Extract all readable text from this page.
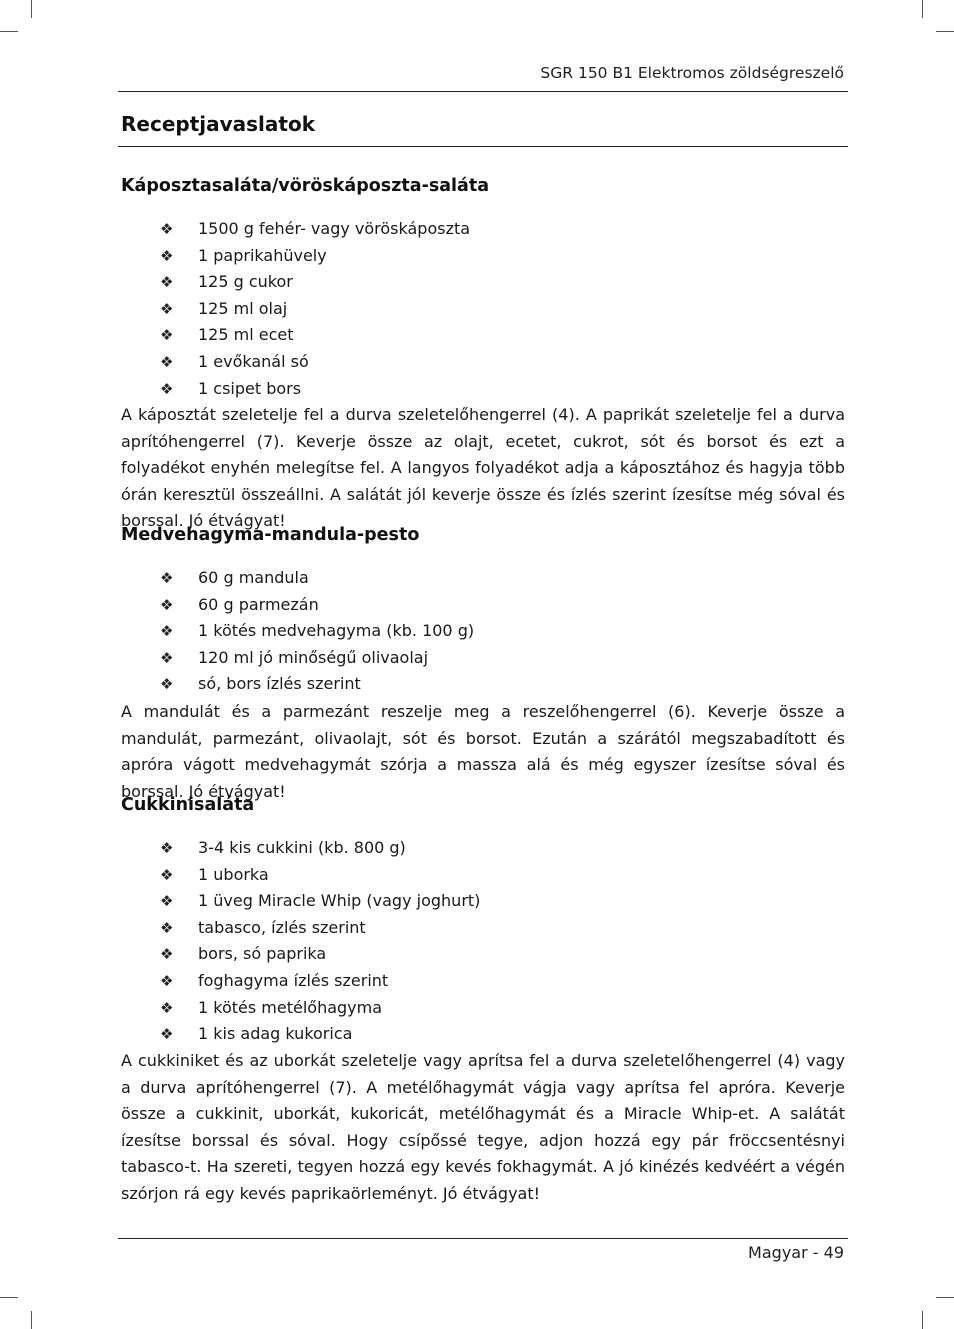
SGR 150 B1 Elektromos zöldségreszelő
Receptjavaslatok
Káposztasaláta/vöröskáposzta-saláta
❖	1500 g fehér- vagy vöröskáposzta
❖	1 paprikahüvely
❖	125 g cukor
❖	125 ml olaj
❖	125 ml ecet
❖	1 evőkanál só
❖	1 csipet bors

A káposztát szeletelje fel a durva szeletelőhengerrel (4). A paprikát szeletelje fel a durva aprítóhengerrel (7). Keverje össze az olajt, ecetet, cukrot, sót és borsot és ezt a folyadékot enyhén melegítse fel. A langyos folyadékot adja a káposztához és hagyja több órán keresztül összeállni. A salátát jól keverje össze és ízlés szerint ízesítse még sóval és borssal. Jó étvágyat!

Medvehagyma-mandula-pesto
❖	60 g mandula
❖	60 g parmezán
❖	1 kötés medvehagyma (kb. 100 g)
❖	120 ml jó minőségű olivaolaj
❖	só, bors ízlés szerint

A mandulát és a parmezánt reszelje meg a reszelőhengerrel (6). Keverje össze a mandulát, parmezánt, olivaolajt, sót és borsot. Ezután a szárától megszabadított és apróra vágott medvehagymát szórja a massza alá és még egyszer ízesítse sóval és borssal. Jó étvágyat!

Cukkinisaláta
❖	3-4 kis cukkini (kb. 800 g)
❖	1 uborka
❖	1 üveg Miracle Whip (vagy joghurt)
❖	tabasco, ízlés szerint
❖	bors, só paprika
❖	foghagyma ízlés szerint
❖	1 kötés metélőhagyma
❖	1 kis adag kukorica

A cukkiniket és az uborkát szeletelje vagy aprítsa fel a durva szeletelőhengerrel (4) vagy a durva aprítóhengerrel (7). A metélőhagymát vágja vagy aprítsa fel apróra. Keverje össze a cukkinit, uborkát, kukoricát, metélőhagymát és a Miracle Whip-et. A salátát ízesítse borssal és sóval. Hogy csípőssé tegye, adjon hozzá egy pár fröccsentésnyi tabasco-t. Ha szereti, tegyen hozzá egy kevés fokhagymát. A jó kinézés kedvéért a végén szórjon rá egy kevés paprikaörleményt. Jó étvágyat!

Magyar - 49
